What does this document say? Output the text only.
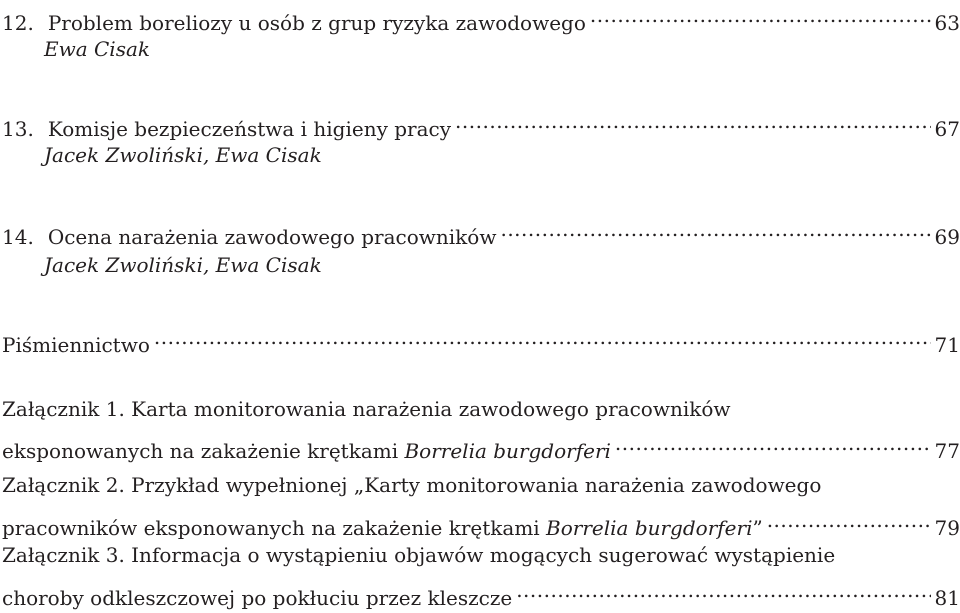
12. Problem boreliozy u osób z grup ryzyka zawodowego .....	63
Ewa Cisak
13. Komisje bezpieczeństwa i higieny pracy .....	67
Jacek Zwoliński, Ewa Cisak
14. Ocena narażenia zawodowego pracowników .....	69
Jacek Zwoliński, Ewa Cisak
Piśmiennictwo .....	71
Załącznik 1. Karta monitorowania narażenia zawodowego pracowników
eksponowanych na zakażenie krętkami Borrelia burgdorferi .....	77
Załącznik 2. Przykład wypełnionej „Karty monitorowania narażenia zawodowego
pracowników eksponowanych na zakażenie krętkami Borrelia burgdorferi ” .....	79
Załącznik 3. Informacja o wystąpieniu objawów mogących sugerować wystąpienie
choroby odkleszczowej po pokłuciu przez kleszcze .....	81
